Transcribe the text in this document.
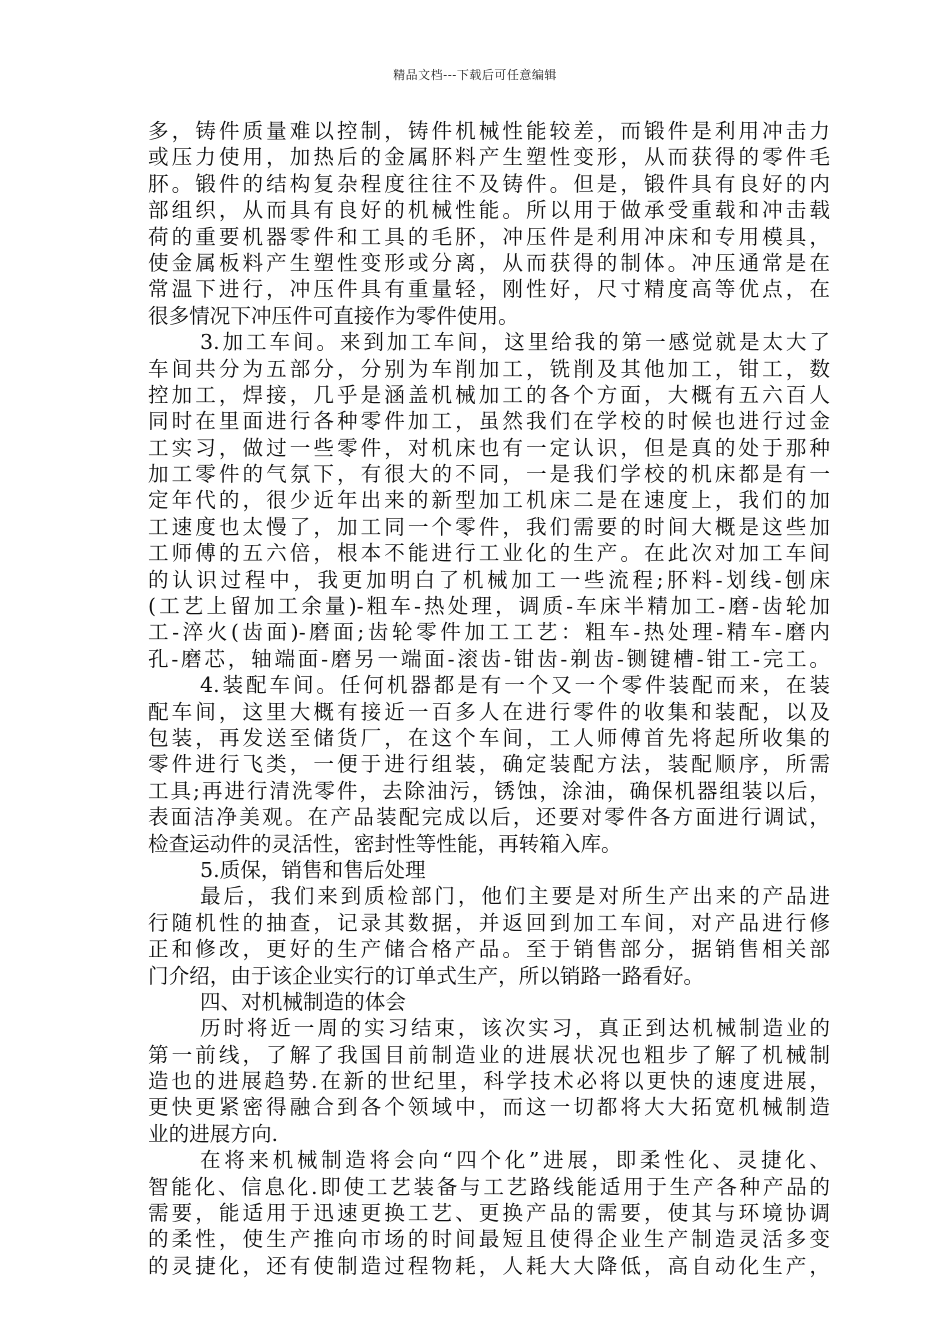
精品文档---下载后可任意编辑
多，铸件质量难以控制，铸件机械性能较差，而锻件是利用冲击力
或压力使用，加热后的金属肧料产生塑性变形，从而获得的零件毛
肧。锻件的结构复杂程度往往不及铸件。但是，锻件具有良好的内
部组织，从而具有良好的机械性能。所以用于做承受重载和冲击载
荷的重要机器零件和工具的毛肧，冲压件是利用冲床和专用模具，
使金属板料产生塑性变形或分离，从而获得的制体。冲压通常是在
常温下进行，冲压件具有重量轻，刚性好，尺寸精度高等优点，在
很多情况下冲压件可直接作为零件使用。
3.加工车间。来到加工车间，这里给我的第一感觉就是太大了
车间共分为五部分，分别为车削加工，铣削及其他加工，钳工，数
控加工，焊接，几乎是涵盖机械加工的各个方面，大概有五六百人
同时在里面进行各种零件加工，虽然我们在学校的时候也进行过金
工实习，做过一些零件，对机床也有一定认识，但是真的处于那种
加工零件的气氛下，有很大的不同，一是我们学校的机床都是有一
定年代的，很少近年出来的新型加工机床二是在速度上，我们的加
工速度也太慢了，加工同一个零件，我们需要的时间大概是这些加
工师傅的五六倍，根本不能进行工业化的生产。在此次对加工车间
的认识过程中，我更加明白了机械加工一些流程;肧料-划线-刨床
(工艺上留加工余量)-粗车-热处理，调质-车床半精加工-磨-齿轮加
工-淬火(齿面)-磨面;齿轮零件加工工艺：粗车-热处理-精车-磨内
孔-磨芯，轴端面-磨另一端面-滚齿-钳齿-剃齿-铡键槽-钳工-完工。
4.装配车间。任何机器都是有一个又一个零件装配而来，在装
配车间，这里大概有接近一百多人在进行零件的收集和装配，以及
包装，再发送至储货厂，在这个车间，工人师傅首先将起所收集的
零件进行飞类，一便于进行组装，确定装配方法，装配顺序，所需
工具;再进行清洗零件，去除油污，锈蚀，涂油，确保机器组装以后，
表面洁净美观。在产品装配完成以后，还要对零件各方面进行调试，
检查运动件的灵活性，密封性等性能，再转箱入库。
5.质保，销售和售后处理
最后，我们来到质检部门，他们主要是对所生产出来的产品进
行随机性的抽查，记录其数据，并返回到加工车间，对产品进行修
正和修改，更好的生产储合格产品。至于销售部分，据销售相关部
门介绍，由于该企业实行的订单式生产，所以销路一路看好。
四、对机械制造的体会
历时将近一周的实习结束，该次实习，真正到达机械制造业的
第一前线，了解了我国目前制造业的进展状况也粗步了解了机械制
造也的进展趋势.在新的世纪里，科学技术必将以更快的速度进展，
更快更紧密得融合到各个领域中，而这一切都将大大拓宽机械制造
业的进展方向.
在将来机械制造将会向“四个化”进展，即柔性化、灵捷化、
智能化、信息化.即使工艺装备与工艺路线能适用于生产各种产品的
需要，能适用于迅速更换工艺、更换产品的需要，使其与环境协调
的柔性，使生产推向市场的时间最短且使得企业生产制造灵活多变
的灵捷化，还有使制造过程物耗，人耗大大降低，高自动化生产，
